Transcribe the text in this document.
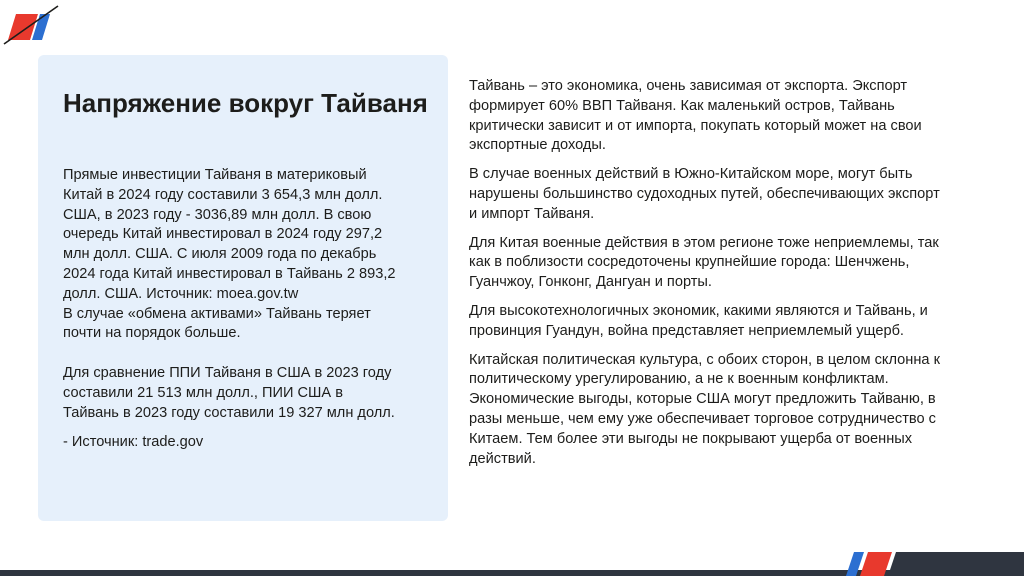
Напряжение вокруг Тайваня

Прямые инвестиции Тайваня в материковый

Китай в 2024 году составили 3 654,3 млн долл.

США, в 2023 году - 3036,89 млн долл. В свою

очередь Китай инвестировал в 2024 году 297,2

млн долл. США. С июля 2009 года по декабрь

2024 года Китай инвестировал в Тайвань 2 893,2

долл. США. Источник: moea.gov.tw

В случае «обмена активами» Тайвань теряет

почти на порядок больше.

Для сравнение ППИ Тайваня в США в 2023 году

составили 21 513 млн долл., ПИИ США в

Тайвань в 2023 году составили 19 327 млн долл.

- Источник: trade.gov

Тайвань – это экономика, очень зависимая от экспорта. Экспорт
формирует 60% ВВП Тайваня. Как маленький остров, Тайвань
критически зависит и от импорта, покупать который может на свои
экспортные доходы.

В случае военных действий в Южно-Китайском море, могут быть
нарушены большинство судоходных путей, обеспечивающих экспорт
и импорт Тайваня.

Для Китая военные действия в этом регионе тоже неприемлемы, так
как в поблизости сосредоточены крупнейшие города: Шенчжень,
Гуанчжоу, Гонконг, Дангуан и порты.

Для высокотехнологичных экономик, какими являются и Тайвань, и
провинция Гуандун, война представляет неприемлемый ущерб.

Китайская политическая культура, с обоих сторон, в целом склонна к
политическому урегулированию, а не к военным конфликтам.
Экономические выгоды, которые США могут предложить Тайваню, в
разы меньше, чем ему уже обеспечивает торговое сотрудничество с
Китаем. Тем более эти выгоды не покрывают ущерба от военных
действий.
